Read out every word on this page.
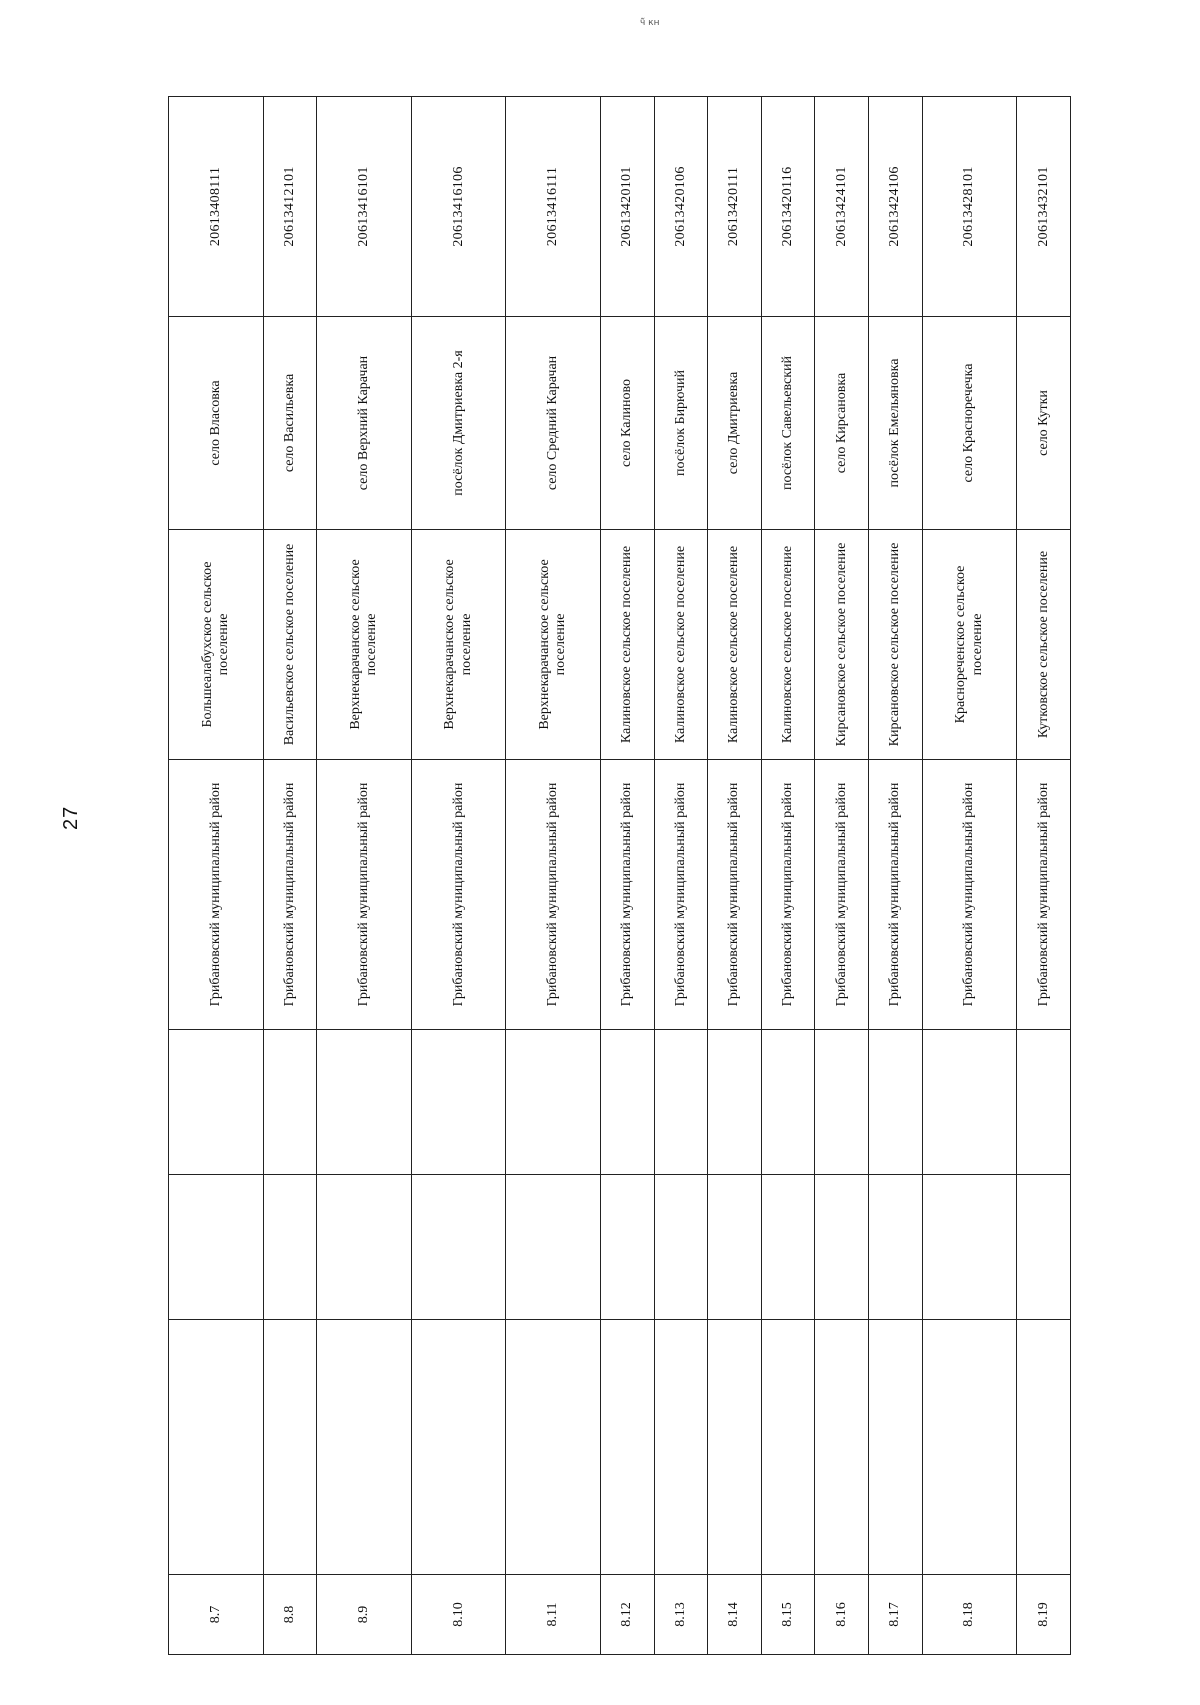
ч᷉ кн
27
8.7				Грибановский муниципальный район	Большеалабухское сельское поселение	село Власовка	20613408111
8.8				Грибановский муниципальный район	Васильевское сельское поселение	село Васильевка	20613412101
8.9				Грибановский муниципальный район	Верхнекарачанское сельское поселение	село Верхний Карачан	20613416101
8.10				Грибановский муниципальный район	Верхнекарачанское сельское поселение	посёлок Дмитриевка 2-я	20613416106
8.11				Грибановский муниципальный район	Верхнекарачанское сельское поселение	село Средний Карачан	20613416111
8.12				Грибановский муниципальный район	Калиновское сельское поселение	село Калиново	20613420101
8.13				Грибановский муниципальный район	Калиновское сельское поселение	посёлок Бирючий	20613420106
8.14				Грибановский муниципальный район	Калиновское сельское поселение	село Дмитриевка	20613420111
8.15				Грибановский муниципальный район	Калиновское сельское поселение	посёлок Савельевский	20613420116
8.16				Грибановский муниципальный район	Кирсановское сельское поселение	село Кирсановка	20613424101
8.17				Грибановский муниципальный район	Кирсановское сельское поселение	посёлок Емельяновка	20613424106
8.18				Грибановский муниципальный район	Краснореченское сельское поселение	село Красноречечка	20613428101
8.19				Грибановский муниципальный район	Кутковское сельское поселение	село Кутки	20613432101
